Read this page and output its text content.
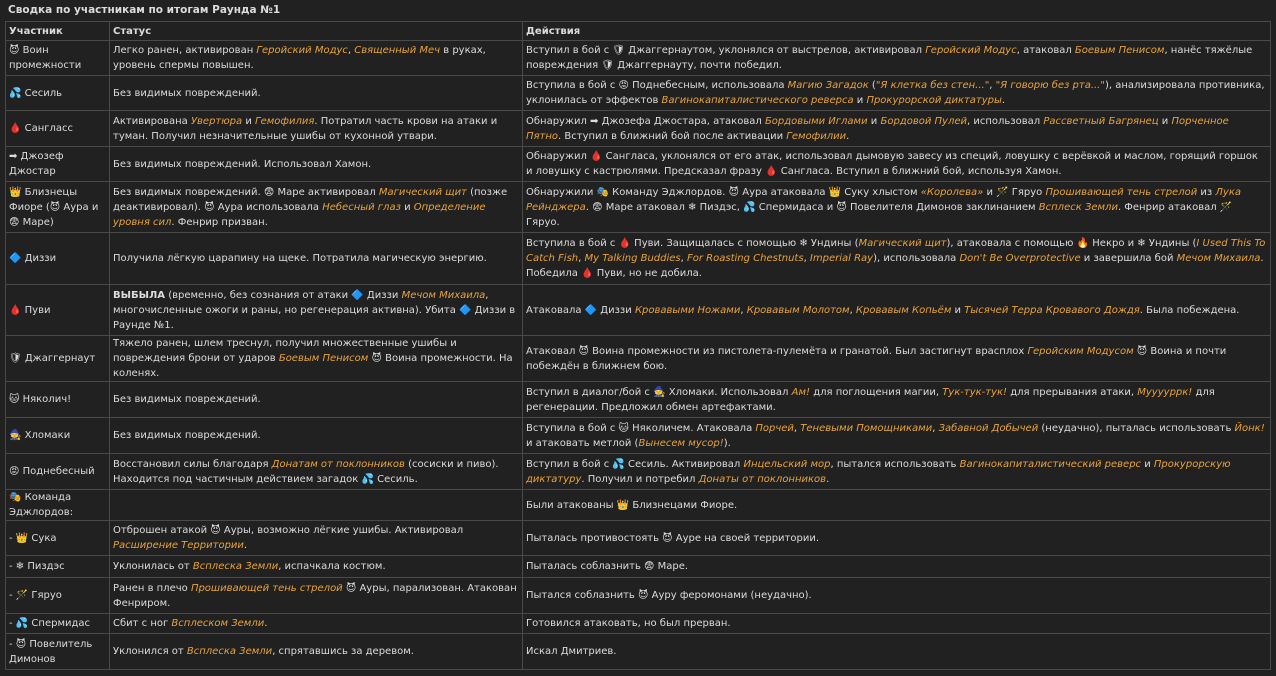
Сводка по участникам по итогам Раунда №1
Участник	Статус	Действия
😈 Воин промежности	Легко ранен, активирован Геройский Модус, Священный Меч в руках, уровень спермы повышен.	Вступил в бой с 🛡 Джаггернаутом, уклонялся от выстрелов, активировал Геройский Модус, атаковал Боевым Пенисом, нанёс тяжёлые повреждения 🛡 Джаггернауту, почти победил.
💦 Сесиль	Без видимых повреждений.	Вступила в бой с 😡 Поднебесным, использовала Магию Загадок ("Я клетка без стен...", "Я говорю без рта..."), анализировала противника, уклонилась от эффектов Вагинокапиталистического реверса и Прокурорской диктатуры.
🩸 Сангласс	Активирована Увертюра и Гемофилия. Потратил часть крови на атаки и туман. Получил незначительные ушибы от кухонной утвари.	Обнаружил ➡ Джозефа Джостара, атаковал Бордовыми Иглами и Бордовой Пулей, использовал Рассветный Багрянец и Порченное Пятно. Вступил в ближний бой после активации Гемофилии.
➡ Джозеф Джостар	Без видимых повреждений. Использовал Хамон.	Обнаружил 🩸 Сангласа, уклонялся от его атак, использовал дымовую завесу из специй, ловушку с верёвкой и маслом, горящий горшок и ловушку с кастрюлями. Предсказал фразу 🩸 Сангласа. Вступил в ближний бой, используя Хамон.
👑 Близнецы Фиоре (😈 Аура и 😨 Маре)	Без видимых повреждений. 😨 Маре активировал Магический щит (позже деактивировал). 😈 Аура использовала Небесный глаз и Определение уровня сил. Фенрир призван.	Обнаружили 🎭 Команду Эджлордов. 😈 Аура атаковала 👑 Суку хлыстом «Королева» и 🪄 Гяруо Прошивающей тень стрелой из Лука Рейнджера. 😨 Маре атаковал ❄ Пиздэс, 💦 Спермидаса и 😈 Повелителя Димонов заклинанием Всплеск Земли. Фенрир атаковал 🪄 Гяруо.
🔷 Диззи	Получила лёгкую царапину на щеке. Потратила магическую энергию.	Вступила в бой с 🩸 Пуви. Защищалась с помощью ❄ Ундины (Магический щит), атаковала с помощью 🔥 Некро и ❄ Ундины (I Used This To Catch Fish, My Talking Buddies, For Roasting Chestnuts, Imperial Ray), использовала Don't Be Overprotective и завершила бой Мечом Михаила. Победила 🩸 Пуви, но не добила.
🩸 Пуви	ВЫБЫЛА (временно, без сознания от атаки 🔷 Диззи Мечом Михаила, многочисленные ожоги и раны, но регенерация активна). Убита 🔷 Диззи в Раунде №1.	Атаковала 🔷 Диззи Кровавыми Ножами, Кровавым Молотом, Кровавым Копьём и Тысячей Терра Кровавого Дождя. Была побеждена.
🛡 Джаггернаут	Тяжело ранен, шлем треснул, получил множественные ушибы и повреждения брони от ударов Боевым Пенисом 😈 Воина промежности. На коленях.	Атаковал 😈 Воина промежности из пистолета-пулемёта и гранатой. Был застигнут врасплох Геройским Модусом 😈 Воина и почти побеждён в ближнем бою.
🐱 Няколич!	Без видимых повреждений.	Вступил в диалог/бой с 🧙 Хломаки. Использовал Ам! для поглощения магии, Тук-тук-тук! для прерывания атаки, Мууууррк! для регенерации. Предложил обмен артефактами.
🧙 Хломаки	Без видимых повреждений.	Вступила в бой с 🐱 Няколичем. Атаковала Порчей, Теневыми Помощниками, Забавной Добычей (неудачно), пыталась использовать Йонк! и атаковать метлой (Вынесем мусор!).
😡 Поднебесный	Восстановил силы благодаря Донатам от поклонников (сосиски и пиво). Находится под частичным действием загадок 💦 Сесиль.	Вступил в бой с 💦 Сесиль. Активировал Инцельский мор, пытался использовать Вагинокапиталистический реверс и Прокурорскую диктатуру. Получил и потребил Донаты от поклонников.
🎭 Команда Эджлордов:		Были атакованы 👑 Близнецами Фиоре.
- 👑 Сука	Отброшен атакой 😈 Ауры, возможно лёгкие ушибы. Активировал Расширение Территории.	Пыталась противостоять 😈 Ауре на своей территории.
- ❄ Пиздэс	Уклонилась от Всплеска Земли, испачкала костюм.	Пыталась соблазнить 😨 Маре.
- 🪄 Гяруо	Ранен в плечо Прошивающей тень стрелой 😈 Ауры, парализован. Атакован Фенриром.	Пытался соблазнить 😈 Ауру феромонами (неудачно).
- 💦 Спермидас	Сбит с ног Всплеском Земли.	Готовился атаковать, но был прерван.
- 😈 Повелитель Димонов	Уклонился от Всплеска Земли, спрятавшись за деревом.	Искал Дмитриев.
